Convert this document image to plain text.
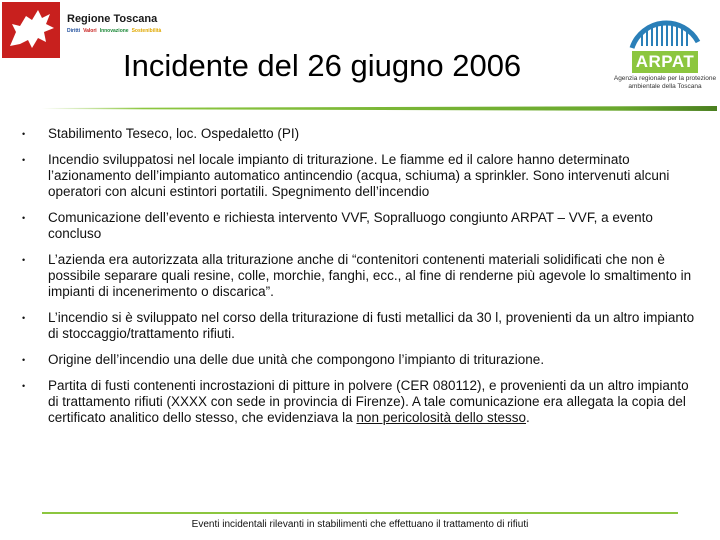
Regione Toscana
Diritti Valori Innovazione Sostenibilità
Incidente del 26 giugno 2006	ARPAT
Agenzia regionale per la protezione ambientale della Toscana
• Stabilimento Teseco, loc. Ospedaletto (PI)
• Incendio sviluppatosi nel locale impianto di triturazione. Le fiamme ed il calore hanno determinato l’azionamento dell’impianto automatico antincendio (acqua, schiuma) a sprinkler. Sono intervenuti alcuni operatori con alcuni estintori portatili. Spegnimento dell’incendio
• Comunicazione dell’evento e richiesta intervento VVF, Sopralluogo congiunto ARPAT – VVF, a evento concluso
• L’azienda era autorizzata alla triturazione anche di “contenitori contenenti materiali solidificati che non è possibile separare quali resine, colle, morchie, fanghi, ecc., al fine di renderne più agevole lo smaltimento in impianti di incenerimento o discarica”.
• L’incendio si è sviluppato nel corso della triturazione di fusti metallici da 30 l, provenienti da un altro impianto di stoccaggio/trattamento rifiuti.
• Origine dell’incendio una delle due unità che compongono l’impianto di triturazione.
• Partita di fusti contenenti incrostazioni di pitture in polvere (CER 080112), e provenienti da un altro impianto di trattamento rifiuti (XXXX con sede in provincia di Firenze). A tale comunicazione era allegata la copia del certificato analitico dello stesso, che evidenziava la non pericolosità dello stesso.
Eventi incidentali rilevanti in stabilimenti che effettuano il trattamento di rifiuti
